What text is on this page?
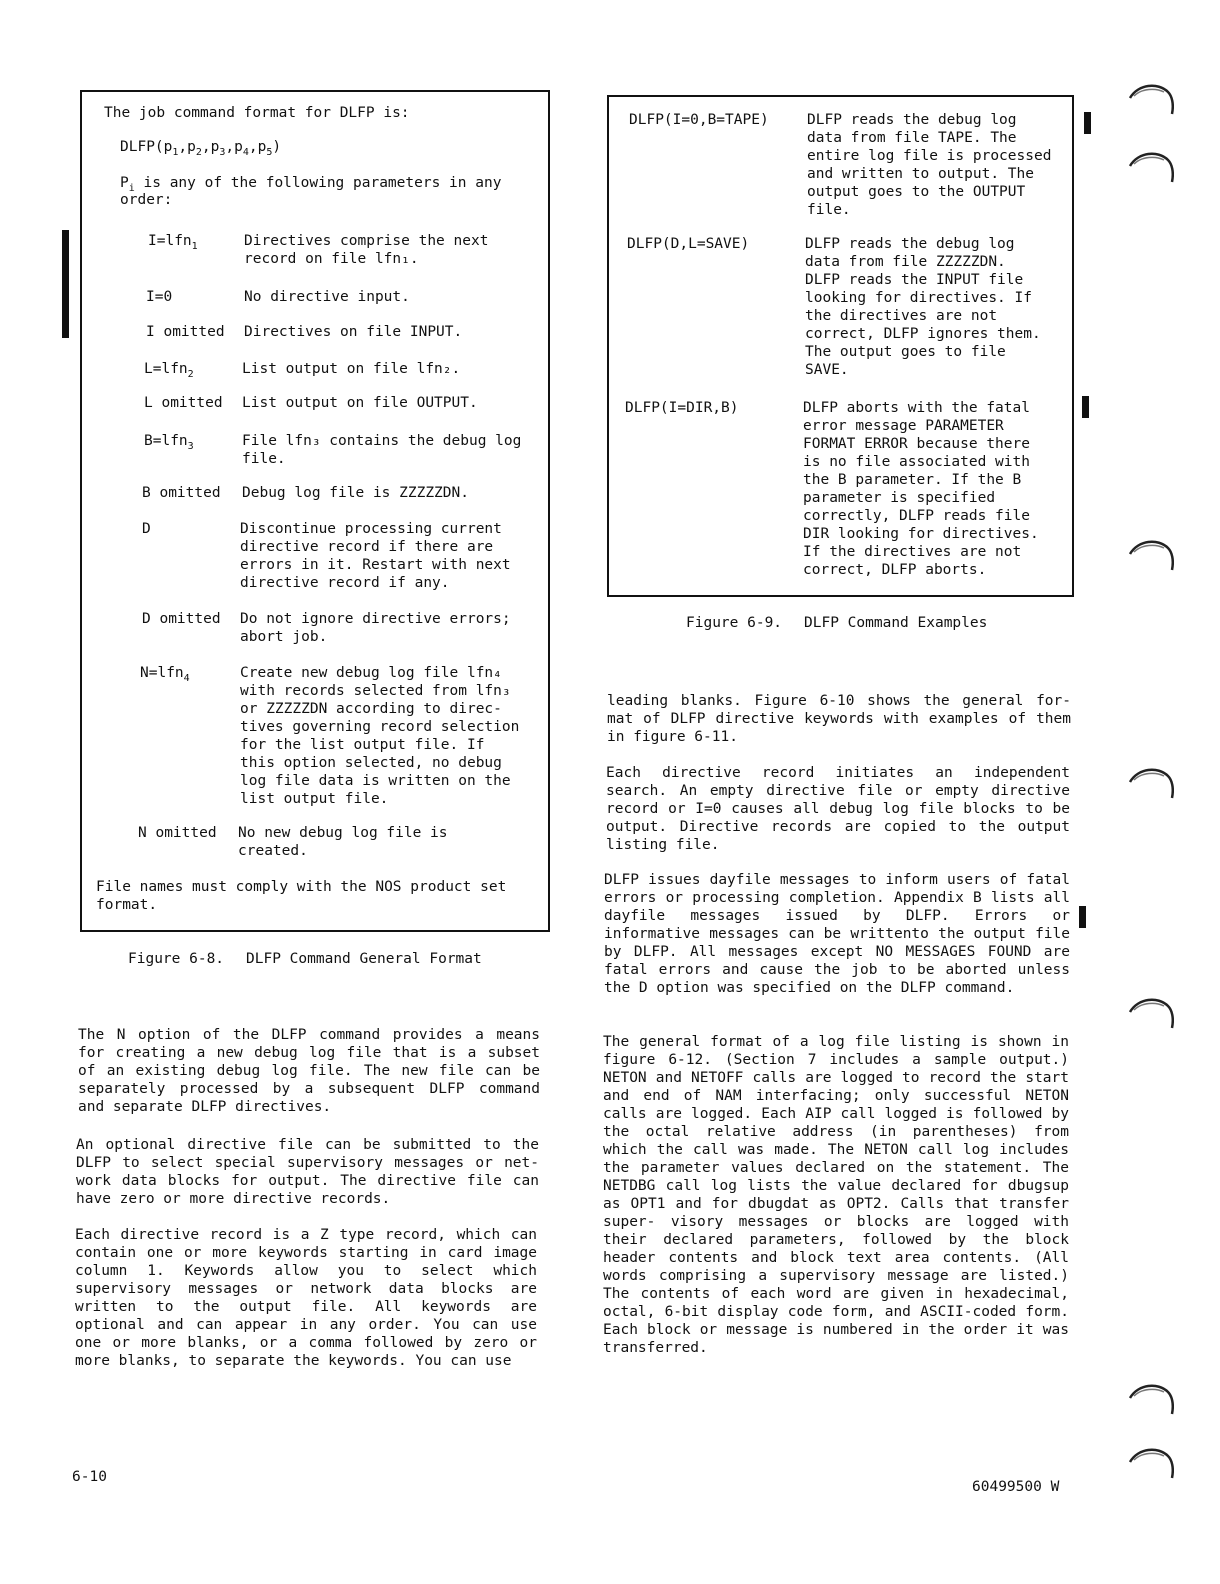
The job command format for DLFP is:
$DLFP(p_1,p_2,p_3,p_4,p_5)$
$P_i$ is any of the following parameters in any
order:
I=lfn$_1$	Directives comprise the next
record on file lfn₁.
I=0	No directive input.
I omitted Directives on file INPUT.
L=lfn$_2$	List output on file lfn₂.
L omitted List output on file OUTPUT.
B=lfn$_3$	File lfn₃ contains the debug log
file.
B omitted Debug log file is ZZZZZDN.
D	Discontinue processing current
directive record if there are
errors in it. Restart with next
directive record if any.
D omitted Do not ignore directive errors;
abort job.
N=lfn$_4$	Create new debug log file lfn₄
with records selected from lfn₃
or ZZZZZDN according to direc-
tives governing record selection
for the list output file. If
this option selected, no debug
log file data is written on the
list output file.
N omitted No new debug log file is
created.
File names must comply with the NOS product set
format.
Figure 6-8. DLFP Command General Format
DLFP(I=0,B=TAPE)	DLFP reads the debug log
data from file TAPE. The
entire log file is processed
and written to output. The
output goes to the OUTPUT
file.
DLFP(D,L=SAVE)	DLFP reads the debug log
data from file ZZZZZDN.
DLFP reads the INPUT file
looking for directives. If
the directives are not
correct, DLFP ignores them.
The output goes to file
SAVE.
DLFP(I=DIR,B)	DLFP aborts with the fatal
error message PARAMETER
FORMAT ERROR because there
is no file associated with
the B parameter. If the B
parameter is specified
correctly, DLFP reads file
DIR looking for directives.
If the directives are not
correct, DLFP aborts.
Figure 6-9. DLFP Command Examples
The N option of the DLFP command provides a means for creating a new debug log file that is a subset of an existing debug log file. The new file can be separately processed by a subsequent DLFP command and separate DLFP directives.
An optional directive file can be submitted to the DLFP to select special supervisory messages or net- work data blocks for output. The directive file can have zero or more directive records.
Each directive record is a Z type record, which can contain one or more keywords starting in card image column 1. Keywords allow you to select which supervisory messages or network data blocks are written to the output file. All keywords are optional and can appear in any order. You can use one or more blanks, or a comma followed by zero or more blanks, to separate the keywords. You can use
leading blanks. Figure 6-10 shows the general for- mat of DLFP directive keywords with examples of them in figure 6-11.
Each directive record initiates an independent search. An empty directive file or empty directive record or I=0 causes all debug log file blocks to be output. Directive records are copied to the output listing file.
DLFP issues dayfile messages to inform users of fatal errors or processing completion. Appendix B lists all dayfile messages issued by DLFP. Errors or informative messages can be writtento the output file by DLFP. All messages except NO MESSAGES FOUND are fatal errors and cause the job to be aborted unless the D option was specified on the DLFP command.
The general format of a log file listing is shown in figure 6-12. (Section 7 includes a sample output.) NETON and NETOFF calls are logged to record the start and end of NAM interfacing; only successful NETON calls are logged. Each AIP call logged is followed by the octal relative address (in parentheses) from which the call was made. The NETON call log includes the parameter values declared on the statement. The NETDBG call log lists the value declared for dbugsup as OPT1 and for dbugdat as OPT2. Calls that transfer super- visory messages or blocks are logged with their declared parameters, followed by the block header contents and block text area contents. (All words comprising a supervisory message are listed.) The contents of each word are given in hexadecimal, octal, 6-bit display code form, and ASCII-coded form. Each block or message is numbered in the order it was transferred.
6-10
60499500 W
